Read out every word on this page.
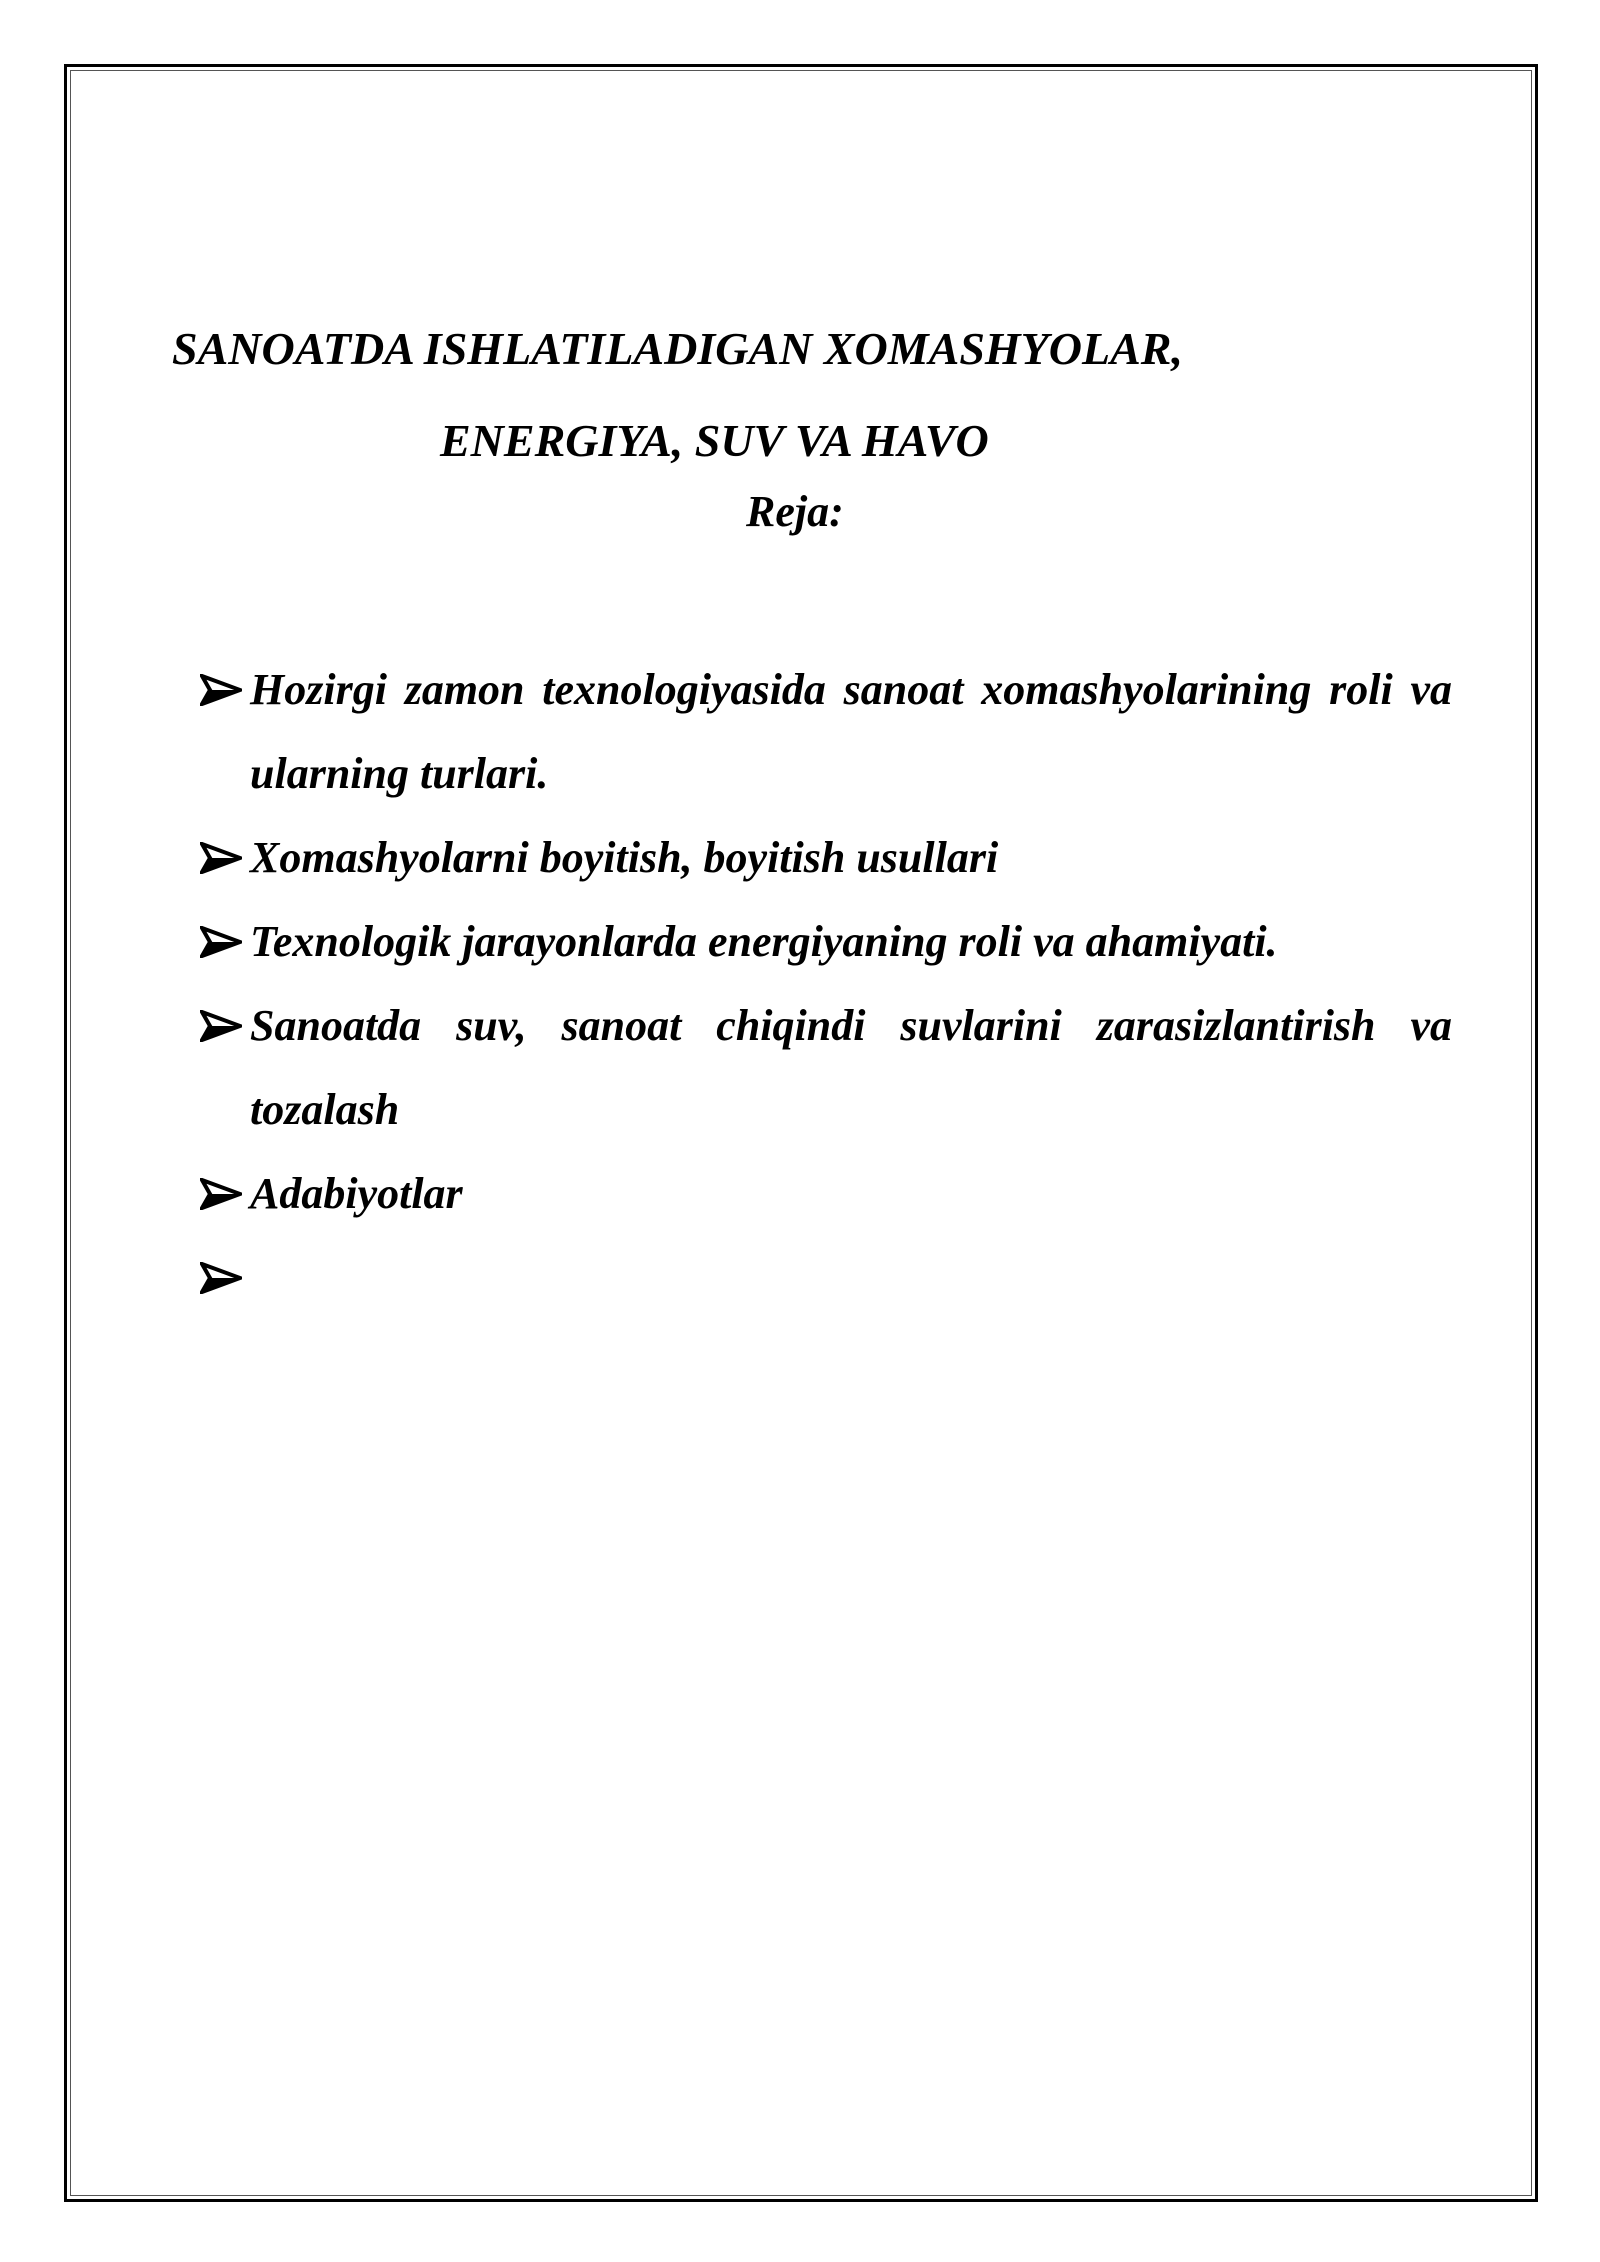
SANOATDA ISHLATILADIGAN XOMASHYOLAR,
ENERGIYA, SUV VA HAVO
Reja:
Hozirgi zamon texnologiyasida sanoat xomashyolarining roli va ularning turlari.
Xomashyolarni boyitish, boyitish usullari
Texnologik jarayonlarda energiyaning roli va ahamiyati.
Sanoatda suv, sanoat chiqindi suvlarini zarasizlantirish va tozalash
Adabiyotlar
